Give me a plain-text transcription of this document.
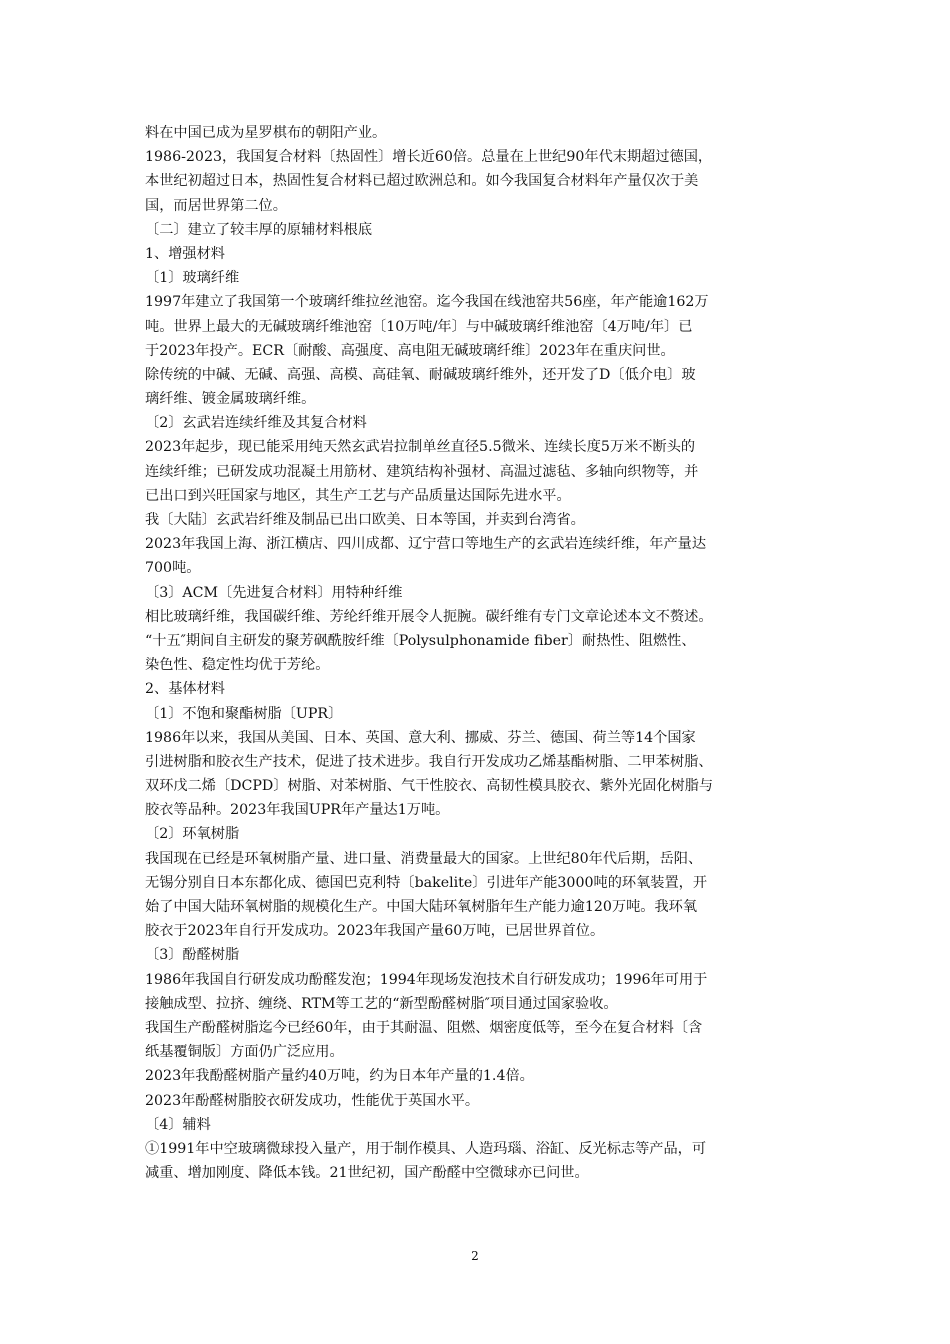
料在中国已成为星罗棋布的朝阳产业。
1986-2023，我国复合材料〔热固性〕增长近60倍。总量在上世纪90年代末期超过德国，
本世纪初超过日本，热固性复合材料已超过欧洲总和。如今我国复合材料年产量仅次于美
国，而居世界第二位。
〔二〕建立了较丰厚的原辅材料根底
1、增强材料
〔1〕玻璃纤维
1997年建立了我国第一个玻璃纤维拉丝池窑。迄今我国在线池窑共56座，年产能逾162万
吨。世界上最大的无碱玻璃纤维池窑〔10万吨/年〕与中碱玻璃纤维池窑〔4万吨/年〕已
于2023年投产。ECR〔耐酸、高强度、高电阻无碱玻璃纤维〕2023年在重庆问世。
除传统的中碱、无碱、高强、高模、高硅氧、耐碱玻璃纤维外，还开发了D〔低介电〕玻
璃纤维、镀金属玻璃纤维。
〔2〕玄武岩连续纤维及其复合材料
2023年起步，现已能采用纯天然玄武岩拉制单丝直径5.5微米、连续长度5万米不断头的
连续纤维；已研发成功混凝土用筋材、建筑结构补强材、高温过滤毡、多轴向织物等，并
已出口到兴旺国家与地区，其生产工艺与产品质量达国际先进水平。
我〔大陆〕玄武岩纤维及制品已出口欧美、日本等国，并卖到台湾省。
2023年我国上海、浙江横店、四川成都、辽宁营口等地生产的玄武岩连续纤维，年产量达
700吨。
〔3〕ACM〔先进复合材料〕用特种纤维
相比玻璃纤维，我国碳纤维、芳纶纤维开展令人扼腕。碳纤维有专门文章论述本文不赘述。
“十五″期间自主研发的聚芳砜酰胺纤维〔Polysulphonamide fiber〕耐热性、阻燃性、
染色性、稳定性均优于芳纶。
2、基体材料
〔1〕不饱和聚酯树脂〔UPR〕
1986年以来，我国从美国、日本、英国、意大利、挪威、芬兰、德国、荷兰等14个国家
引进树脂和胶衣生产技术，促进了技术进步。我自行开发成功乙烯基酯树脂、二甲苯树脂、
双环戊二烯〔DCPD〕树脂、对苯树脂、气干性胶衣、高韧性模具胶衣、紫外光固化树脂与
胶衣等品种。2023年我国UPR年产量达1万吨。
〔2〕环氧树脂
我国现在已经是环氧树脂产量、进口量、消费量最大的国家。上世纪80年代后期，岳阳、
无锡分别自日本东都化成、德国巴克利特〔bakelite〕引进年产能3000吨的环氧装置，开
始了中国大陆环氧树脂的规模化生产。中国大陆环氧树脂年生产能力逾120万吨。我环氧
胶衣于2023年自行开发成功。2023年我国产量60万吨，已居世界首位。
〔3〕酚醛树脂
1986年我国自行研发成功酚醛发泡；1994年现场发泡技术自行研发成功；1996年可用于
接触成型、拉挤、缠绕、RTM等工艺的“新型酚醛树脂″项目通过国家验收。
我国生产酚醛树脂迄今已经60年，由于其耐温、阻燃、烟密度低等，至今在复合材料〔含
纸基覆铜版〕方面仍广泛应用。
2023年我酚醛树脂产量约40万吨，约为日本年产量的1.4倍。
2023年酚醛树脂胶衣研发成功，性能优于英国水平。
〔4〕辅料
①1991年中空玻璃微球投入量产，用于制作模具、人造玛瑙、浴缸、反光标志等产品，可
减重、增加刚度、降低本钱。21世纪初，国产酚醛中空微球亦已问世。
2
